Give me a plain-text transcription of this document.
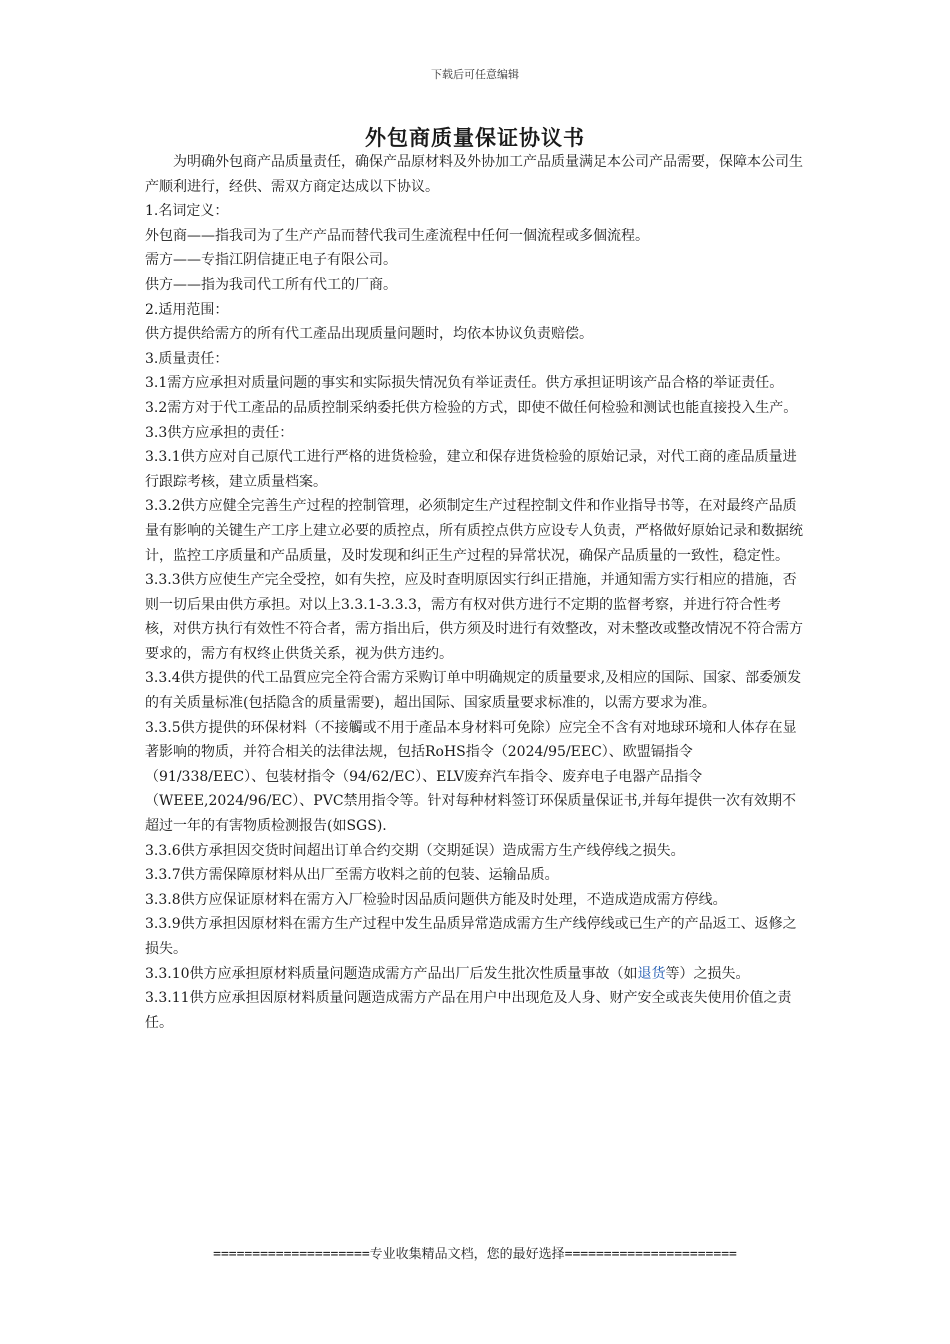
下载后可任意编辑
外包商质量保证协议书

为明确外包商产品质量责任，确保产品原材料及外协加工产品质量满足本公司产品需要，保障本公司生产顺利进行，经供、需双方商定达成以下协议。

1.名词定义：

外包商——指我司为了生产产品而替代我司生產流程中任何一個流程或多個流程。

需方——专指江阴信捷正电子有限公司。

供方——指为我司代工所有代工的厂商。

2.适用范围：

供方提供给需方的所有代工產品出现质量问题时，均依本协议负责赔偿。

3.质量责任：

3.1需方应承担对质量问题的事实和实际损失情况负有举证责任。供方承担证明该产品合格的举证责任。

3.2需方对于代工產品的品质控制采纳委托供方检验的方式，即使不做任何检验和测试也能直接投入生产。

3.3供方应承担的责任：

3.3.1供方应对自己原代工进行严格的进货检验，建立和保存进货检验的原始记录，对代工商的產品质量进行跟踪考核，建立质量档案。

3.3.2供方应健全完善生产过程的控制管理，必须制定生产过程控制文件和作业指导书等，在对最终产品质量有影响的关键生产工序上建立必要的质控点，所有质控点供方应设专人负责，严格做好原始记录和数据统计，监控工序质量和产品质量，及时发现和纠正生产过程的异常状况，确保产品质量的一致性，稳定性。

3.3.3供方应使生产完全受控，如有失控，应及时查明原因实行纠正措施，并通知需方实行相应的措施，否则一切后果由供方承担。对以上3.3.1-3.3.3，需方有权对供方进行不定期的监督考察，并进行符合性考核，对供方执行有效性不符合者，需方指出后，供方须及时进行有效整改，对未整改或整改情况不符合需方要求的，需方有权终止供货关系，视为供方违约。

3.3.4供方提供的代工品質应完全符合需方采购订单中明确规定的质量要求,及相应的国际、国家、部委颁发的有关质量标准(包括隐含的质量需要)，超出国际、国家质量要求标准的，以需方要求为准。

3.3.5供方提供的环保材料（不接觸或不用于產品本身材料可免除）应完全不含有对地球环境和人体存在显著影响的物质，并符合相关的法律法规，包括RoHS指令（2024/95/EEC）、欧盟镉指令（91/338/EEC）、包装材指令（94/62/EC）、ELV废弃汽车指令、废弃电子电器产品指令（WEEE,2024/96/EC）、PVC禁用指令等。针对每种材料签订环保质量保证书,并每年提供一次有效期不超过一年的有害物质检测报告(如SGS).

3.3.6供方承担因交货时间超出订单合约交期（交期延误）造成需方生产线停线之损失。

3.3.7供方需保障原材料从出厂至需方收料之前的包装、运输品质。

3.3.8供方应保证原材料在需方入厂检验时因品质问题供方能及时处理，不造成造成需方停线。

3.3.9供方承担因原材料在需方生产过程中发生品质异常造成需方生产线停线或已生产的产品返工、返修之损失。

3.3.10供方应承担原材料质量问题造成需方产品出厂后发生批次性质量事故（如退货等）之损失。

3.3.11供方应承担因原材料质量问题造成需方产品在用户中出现危及人身、财产安全或丧失使用价值之责任。

====================专业收集精品文档，您的最好选择======================
